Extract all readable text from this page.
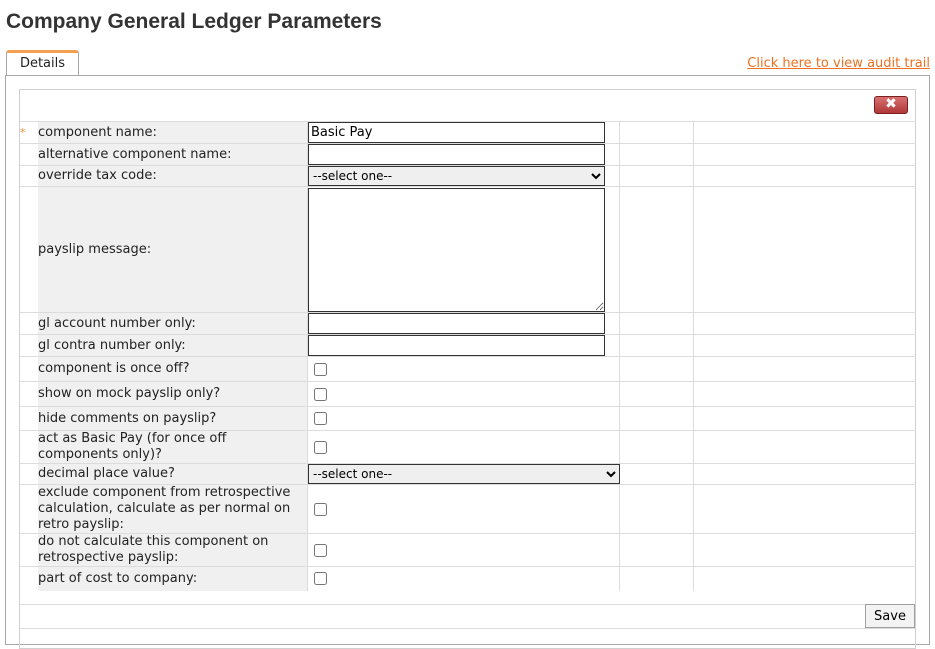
Company General Ledger Parameters
Details	Click here to view audit trail
✖
*	component name:	
Basic Pay		
	alternative component name:	

	override tax code:	
--select one--		
	payslip message:	

	gl account number only:	

	gl contra number only:	

	component is once off?	

	show on mock payslip only?	

	hide comments on payslip?	

	act as Basic Pay (for once off components only)?	

	decimal place value?	
--select one--	
	exclude component from retrospective calculation, calculate as per normal on retro payslip:	

	do not calculate this component on retrospective payslip:	

	part of cost to company:	

Save
